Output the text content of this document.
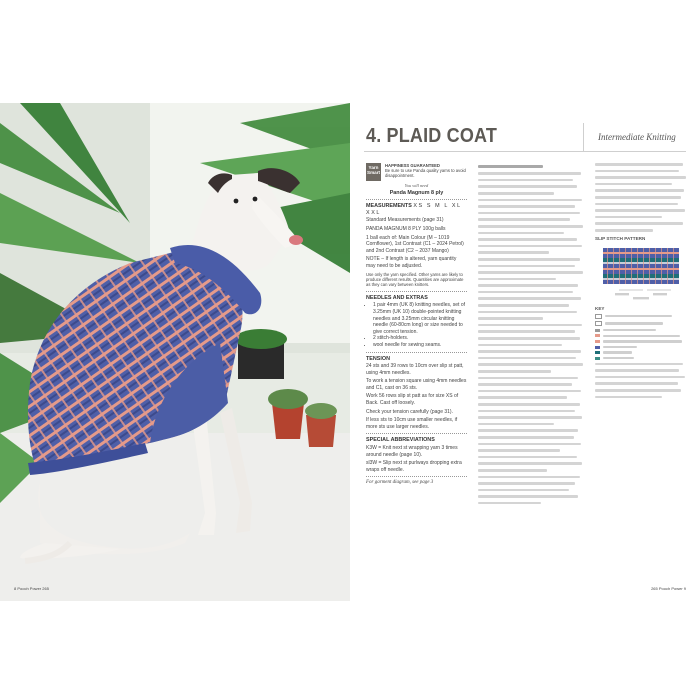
8 Pooch Power 265
4. PLAID COAT	Intermediate Knitting
Yarn Smart
HAPPINESS GUARANTEED
Be sure to use Panda quality yarns to avoid disappointment.
You will need
Panda Magnum 8 ply
MEASUREMENTS XS S M L XL XXL

Standard Measurements (page 31)

PANDA MAGNUM 8 PLY 100g balls

1 ball each of: Main Colour (M – 1019 Cornflower), 1st Contrast (C1 – 2024 Petrol) and 2nd Contrast (C2 – 2037 Mango)

NOTE – If length is altered, yarn quantity may need to be adjusted.

Use only the yarn specified. Other yarns are likely to produce different results. Quantities are approximate as they can vary between knitters.

NEEDLES AND EXTRAS
• 1 pair 4mm (UK 8) knitting needles, set of 3.25mm (UK 10) double-pointed knitting needles and 3.25mm circular knitting needle (60-80cm long) or size needed to give correct tension.
• 2 stitch-holders.
• wool needle for sewing seams.
TENSION

24 sts and 39 rows to 10cm over slip st patt, using 4mm needles.

To work a tension square using 4mm needles and C1, cast on 36 sts.

Work 56 rows slip st patt as for size XS of Back. Cast off loosely.

Check your tension carefully (page 31).

If less sts to 10cm use smaller needles, if more sts use larger needles.

SPECIAL ABBREVIATIONS

K3W = Knit next st wrapping yarn 3 times around needle (page 10).

sl3W = Slip next st purlways dropping extra wraps off needle.

For garment diagram, see page 3
SLIP STITCH PATTERN
KEY
265 Pooch Power 9
